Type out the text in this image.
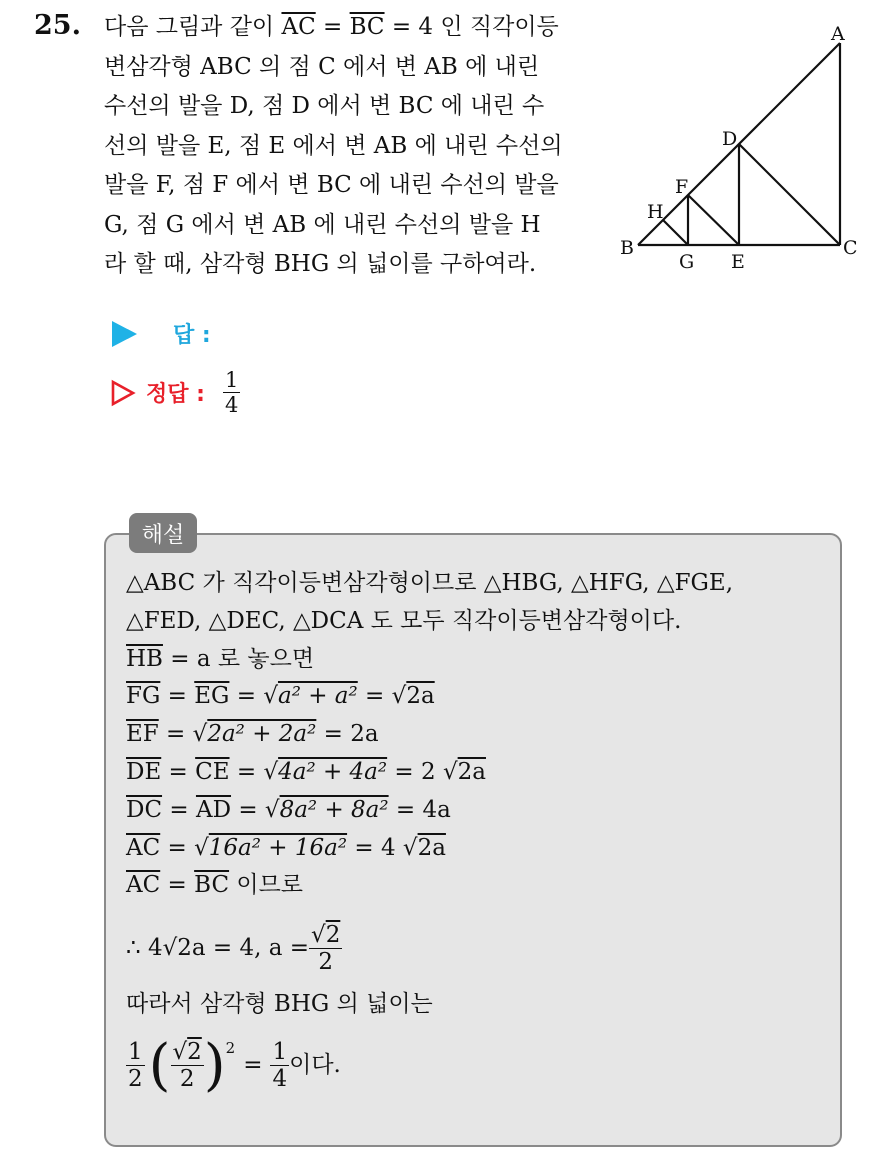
25. 다음 그림과 같이 $\overline{AC} = \overline{BC} = 4$ 인 직각이등
변삼각형 ABC 의 점 C 에서 변 AB 에 내린
수선의 발을 D, 점 D 에서 변 BC 에 내린 수
선의 발을 E, 점 E 에서 변 AB 에 내린 수선의
발을 F, 점 F 에서 변 BC 에 내린 수선의 발을
G, 점 G 에서 변 AB 에 내린 수선의 발을 H
라 할 때, 삼각형 BHG 의 넓이를 구하여라.
A
B	C
D
E
F
G
H
답 :
정답 : $\frac{1}{4}$
해설
△ABC 가 직각이등변삼각형이므로 △HBG, △HFG, △FGE,
△FED, △DEC, △DCA 도 모두 직각이등변삼각형이다.
$\overline{HB} = a$ 로 놓으면
$\overline{FG} = \overline{EG} = √a^2 + a^2 = √2a$
$\overline{EF} = √2a^2 + 2a^2 = 2a$
$\overline{DE} = \overline{CE} = √4a^2 + 4a^2 = 2$ √2a
$\overline{DC} = \overline{AD} = √8a^2 + 8a^2 = 4a$
$\overline{AC} = √16a^2 + 16a^2 = 4$ √2a
$\overline{AC} = \overline{BC}$ 이므로
∴ 4 √ 2a = 4, $a = \frac{√2}{2}$
따라서 삼각형 BHG 의 넓이는
$\frac{1}{2}$ ( $\frac{√2}{2} )^2$
= $\frac{1}{4}$ 이다.
